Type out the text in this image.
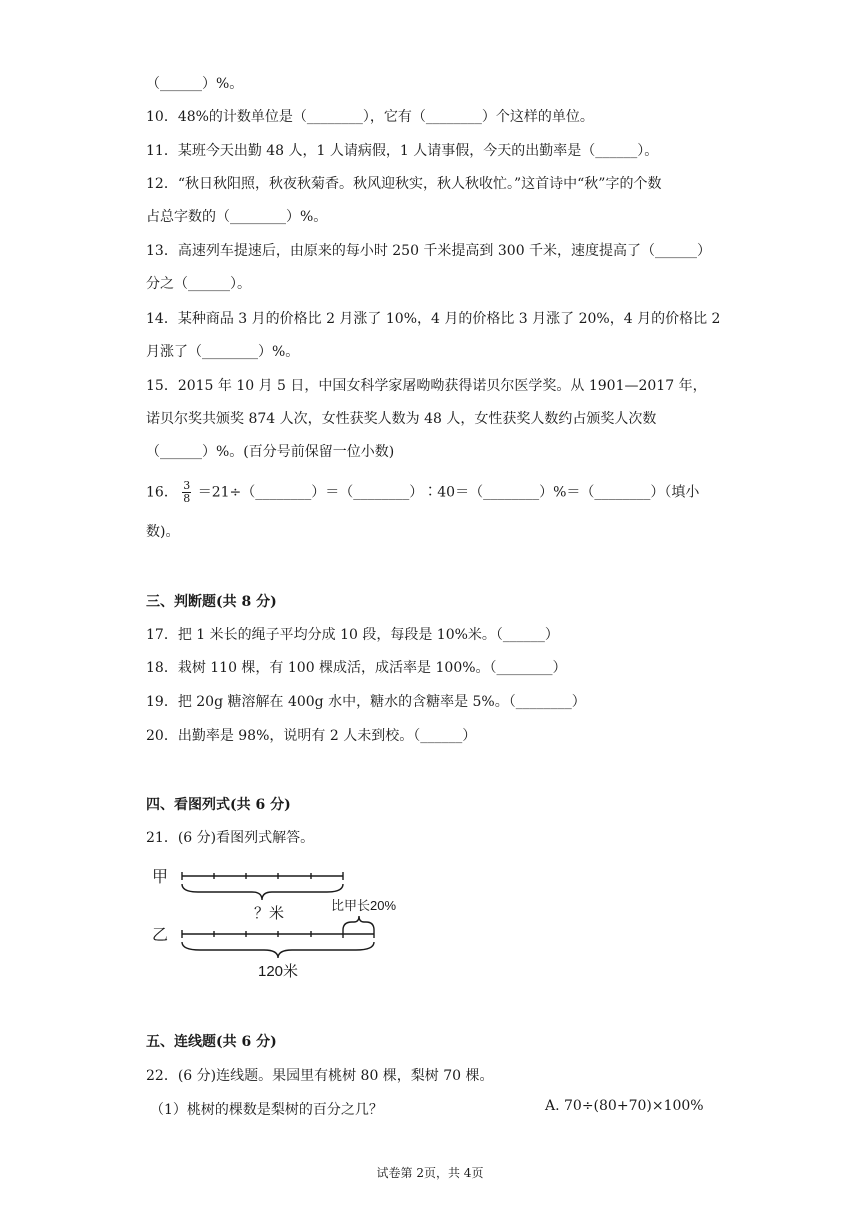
（______）%。
10．48%的计数单位是（________），它有（________）个这样的单位。
11．某班今天出勤 48 人，1 人请病假，1 人请事假，今天的出勤率是（______）。
12．“秋日秋阳照，秋夜秋菊香。秋风迎秋实，秋人秋收忙。”这首诗中“秋”字的个数
占总字数的（________）%。
13．高速列车提速后，由原来的每小时 250 千米提高到 300 千米，速度提高了（______）
分之（______）。
14．某种商品 3 月的价格比 2 月涨了 10%，4 月的价格比 3 月涨了 20%，4 月的价格比 2
月涨了（________）%。
15．2015 年 10 月 5 日，中国女科学家屠呦呦获得诺贝尔医学奖。从 1901—2017 年，
诺贝尔奖共颁奖 874 人次，女性获奖人数为 48 人，女性获奖人数约占颁奖人次数
（______）%。(百分号前保留一位小数)
16． $\frac{3}{8}$ ＝21÷（________）＝（________）∶40＝（________）%＝（________）（填小
数)。
三、判断题(共 8 分)
17．把 1 米长的绳子平均分成 10 段，每段是 10%米。（______）
18．栽树 110 棵，有 100 棵成活，成活率是 100%。（________）
19．把 20g 糖溶解在 400g 水中，糖水的含糖率是 5%。（________）
20．出勤率是 98%，说明有 2 人未到校。（______）
四、看图列式(共 6 分)
21．(6 分)看图列式解答。
甲
？米	比甲长20%
乙
120米
五、连线题(共 6 分)
22．(6 分)连线题。果园里有桃树 80 棵，梨树 70 棵。
（1）桃树的棵数是梨树的百分之几？	A. 70÷(80+70)×100%
试卷第 2页，共 4页
